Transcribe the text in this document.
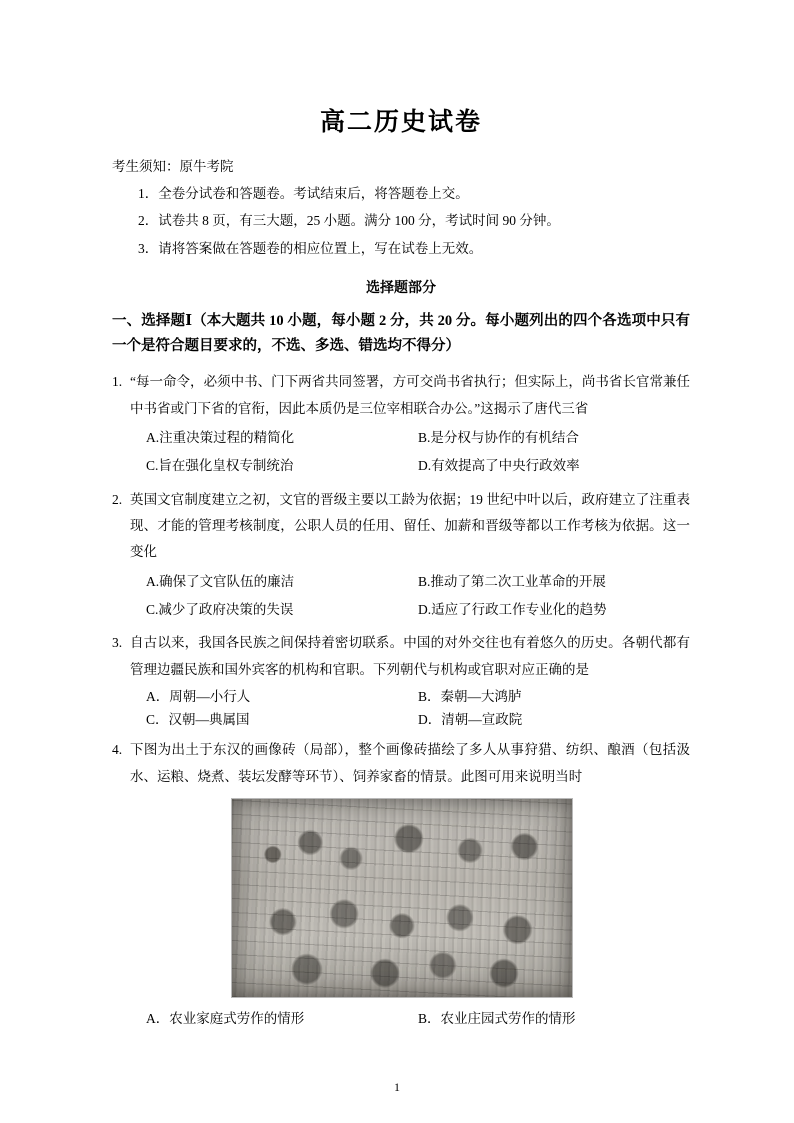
高二历史试卷
考生须知：原牛考院
1．全卷分试卷和答题卷。考试结束后，将答题卷上交。
2．试卷共 8 页，有三大题，25 小题。满分 100 分，考试时间 90 分钟。
3．请将答案做在答题卷的相应位置上，写在试卷上无效。
选择题部分
一、选择题Ⅰ（本大题共 10 小题，每小题 2 分，共 20 分。每小题列出的四个各选项中只有一个是符合题目要求的，不选、多选、错选均不得分）
1. “每一命令，必须中书、门下两省共同签署，方可交尚书省执行；但实际上，尚书省长官常兼任中书省或门下省的官衔，因此本质仍是三位宰相联合办公。”这揭示了唐代三省
A.注重决策过程的精简化	B.是分权与协作的有机结合
C.旨在强化皇权专制统治	D.有效提高了中央行政效率
2. 英国文官制度建立之初，文官的晋级主要以工龄为依据；19 世纪中叶以后，政府建立了注重表现、才能的管理考核制度，公职人员的任用、留任、加薪和晋级等都以工作考核为依据。这一变化
A.确保了文官队伍的廉洁	B.推动了第二次工业革命的开展
C.减少了政府决策的失误	D.适应了行政工作专业化的趋势
3. 自古以来，我国各民族之间保持着密切联系。中国的对外交往也有着悠久的历史。各朝代都有管理边疆民族和国外宾客的机构和官职。下列朝代与机构或官职对应正确的是
A．周朝—小行人	B．秦朝—大鸿胪
C．汉朝—典属国	D．清朝—宣政院
4. 下图为出土于东汉的画像砖（局部），整个画像砖描绘了多人从事狩猎、纺织、酿酒（包括汲水、运粮、烧煮、装坛发酵等环节）、饲养家畜的情景。此图可用来说明当时
A．农业家庭式劳作的情形	B．农业庄园式劳作的情形
1
